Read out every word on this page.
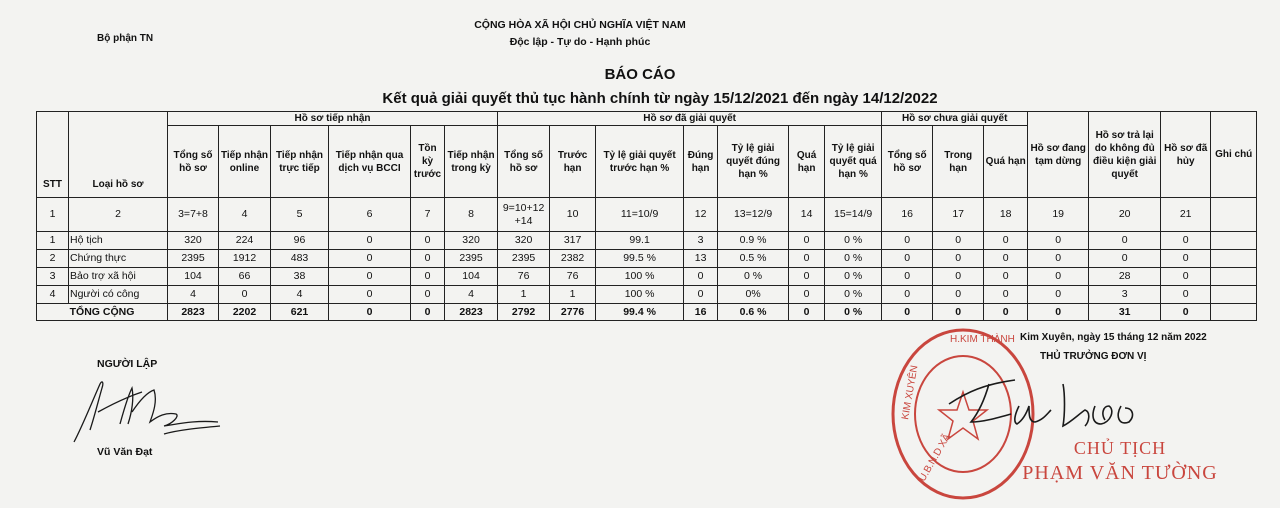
Bộ phận TN
CỘNG HÒA XÃ HỘI CHỦ NGHĨA VIỆT NAM
Độc lập - Tự do - Hạnh phúc
BÁO CÁO
Kết quả giải quyết thủ tục hành chính từ ngày 15/12/2021 đến ngày 14/12/2022
STT	Loại hồ sơ	Hồ sơ tiếp nhận						Hồ sơ đã giải quyết							Hồ sơ chưa giải quyết			Hồ sơ đang tạm dừng	Hồ sơ trả lại do không đủ điều kiện giải quyết	Hồ sơ đã hủy	Ghi chú
		Tổng số hồ sơ	Tiếp nhận online	Tiếp nhận trực tiếp	Tiếp nhận qua dịch vụ BCCI	Tồn kỳ trước	Tiếp nhận trong kỳ	Tổng số hồ sơ	Trước hạn	Tỷ lệ giải quyết trước hạn %	Đúng hạn	Tỷ lệ giải quyết đúng hạn %	Quá hạn	Tỷ lệ giải quyết quá hạn %	Tổng số hồ sơ	Trong hạn	Quá hạn				
1	2	3=7+8	4	5	6	7	8	9=10+12 +14	10	11=10/9	12	13=12/9	14	15=14/9	16	17	18	19	20	21	
1	Hộ tịch	320	224	96	0	0	320	320	317	99.1	3	0.9 %	0	0 %	0	0	0	0	0	0	
2	Chứng thực	2395	1912	483	0	0	2395	2395	2382	99.5 %	13	0.5 %	0	0 %	0	0	0	0	0	0	
3	Bảo trợ xã hội	104	66	38	0	0	104	76	76	100 %	0	0 %	0	0 %	0	0	0	0	28	0	
4	Người có công	4	0	4	0	0	4	1	1	100 %	0	0%	0	0 %	0	0	0	0	3	0	
TỔNG CỘNG		2823	2202	621	0	0	2823	2792	2776	99.4 %	16	0.6 %	0	0 %	0	0	0	0	31	0	
NGƯỜI LẬP
Vũ Văn Đạt	U.B.N.D XÃ
KIM XUYÊN
H.KIM THÀNH Kim Xuyên, ngày 15 tháng 12 năm 2022
THỦ TRƯỞNG ĐƠN VỊ
CHỦ TỊCH
PHẠM VĂN TƯỜNG
